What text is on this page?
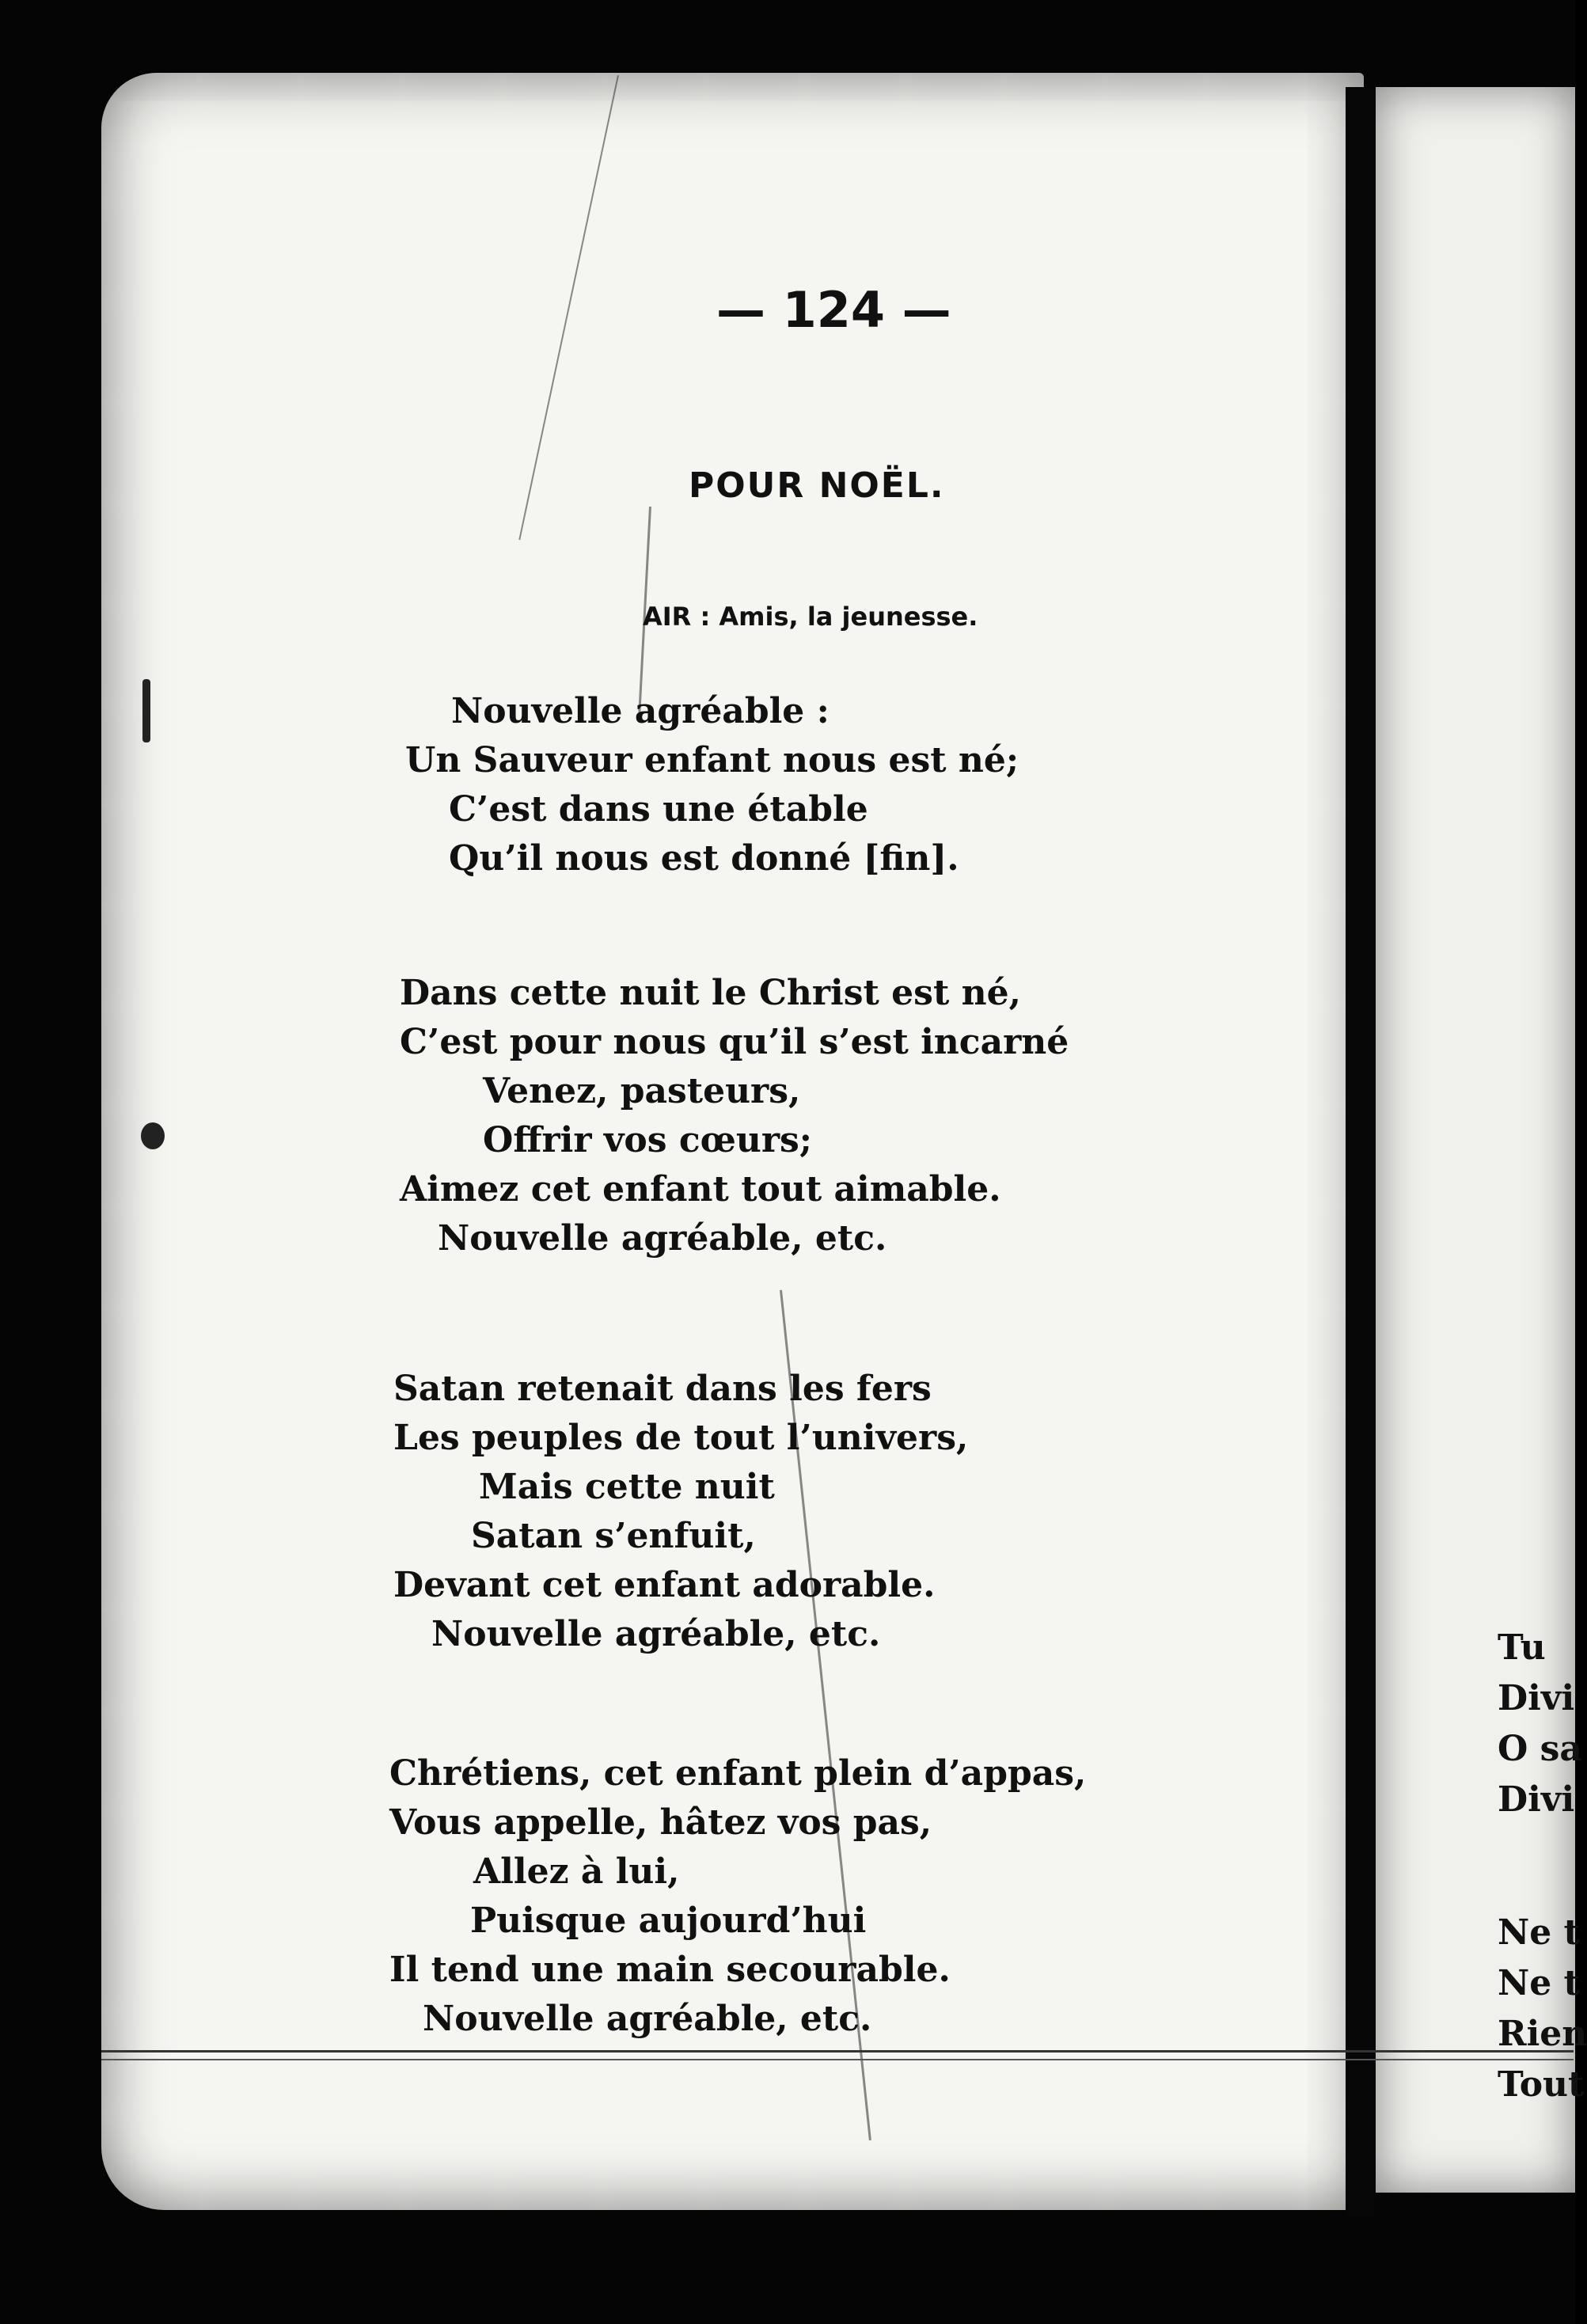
— 124 —
POUR NOËL.
AIR : Amis, la jeunesse.
Nouvelle agréable :
Un Sauveur enfant nous est né;
C’est dans une étable
Qu’il nous est donné [fin].
Dans cette nuit le Christ est né,
C’est pour nous qu’il s’est incarné
Venez, pasteurs,
Offrir vos cœurs;
Aimez cet enfant tout aimable.
Nouvelle agréable, etc.
Satan retenait dans les fers
Les peuples de tout l’univers,
Mais cette nuit
Satan s’enfuit,
Devant cet enfant adorable.
Nouvelle agréable, etc.
Chrétiens, cet enfant plein d’appas,
Vous appelle, hâtez vos pas,
Allez à lui,
Puisque aujourd’hui
Il tend une main secourable.
Nouvelle agréable, etc.
Tu
Divi
O sa
Divi
Ne t
Ne t
Rien
Tout
